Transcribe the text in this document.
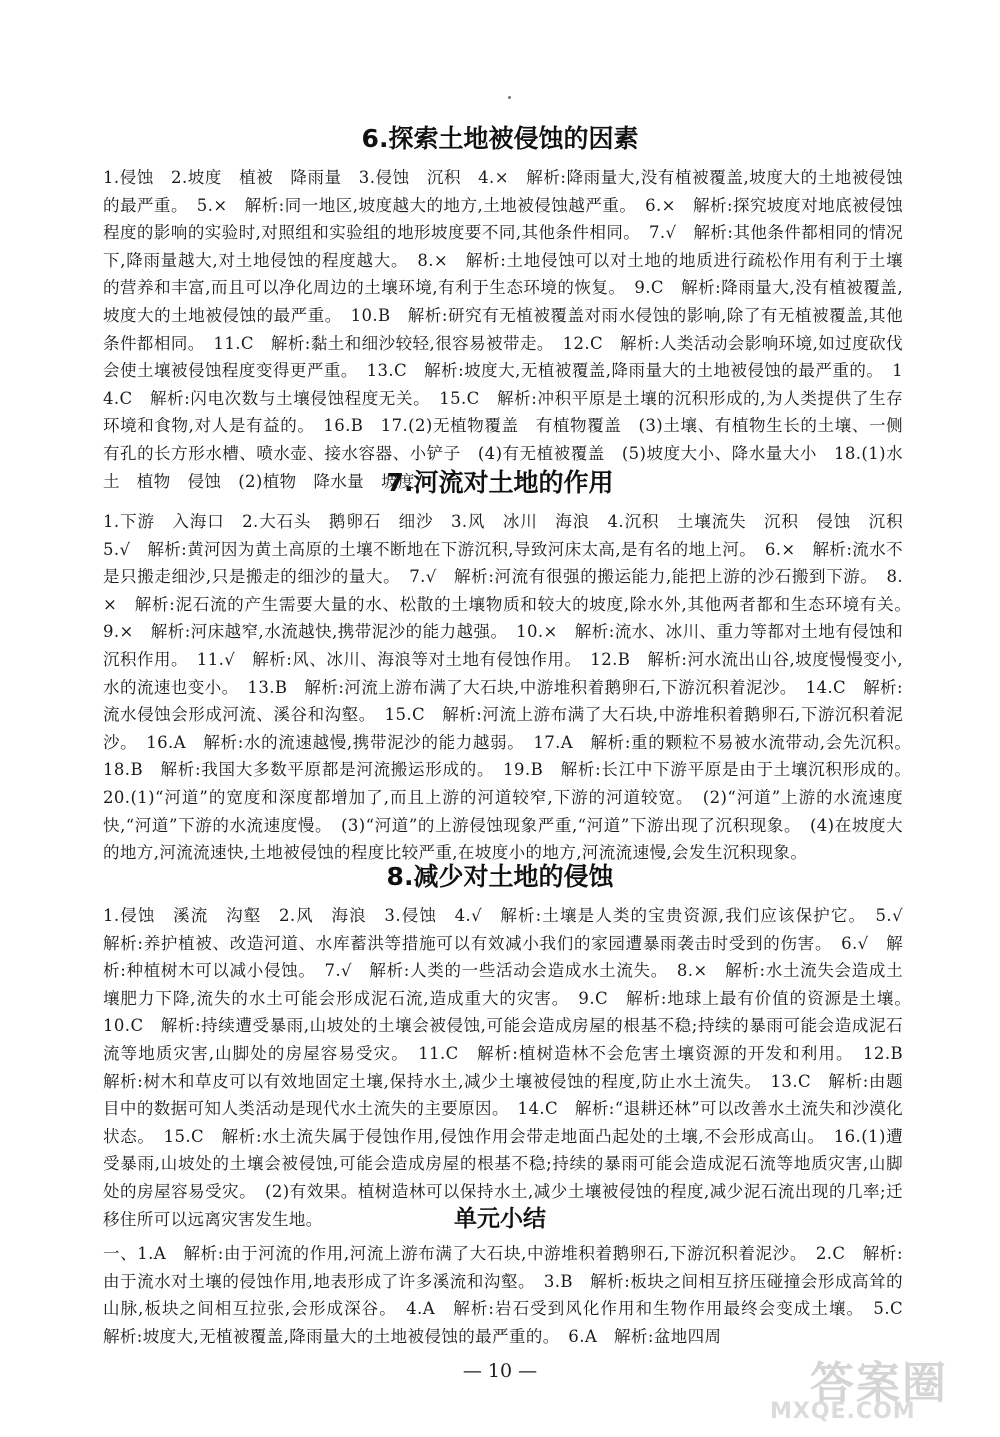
6.探索土地被侵蚀的因素

1.侵蚀　2.坡度　植被　降雨量　3.侵蚀　沉积　4.×　解析:降雨量大,没有植被覆盖,坡度大的土地被侵蚀的最严重。　5.×　解析:同一地区,坡度越大的地方,土地被侵蚀越严重。　6.×　解析:探究坡度对地底被侵蚀程度的影响的实验时,对照组和实验组的地形坡度要不同,其他条件相同。　7.√　解析:其他条件都相同的情况下,降雨量越大,对土地侵蚀的程度越大。　8.×　解析:土地侵蚀可以对土地的地质进行疏松作用有利于土壤的营养和丰富,而且可以净化周边的土壤环境,有利于生态环境的恢复。　9.C　解析:降雨量大,没有植被覆盖,坡度大的土地被侵蚀的最严重。　10.B　解析:研究有无植被覆盖对雨水侵蚀的影响,除了有无植被覆盖,其他条件都相同。　11.C　解析:黏土和细沙较轻,很容易被带走。　12.C　解析:人类活动会影响环境,如过度砍伐会使土壤被侵蚀程度变得更严重。　13.C　解析:坡度大,无植被覆盖,降雨量大的土地被侵蚀的最严重的。　14.C　解析:闪电次数与土壤侵蚀程度无关。　15.C　解析:冲积平原是土壤的沉积形成的,为人类提供了生存环境和食物,对人是有益的。　16.B　17.(2)无植物覆盖　有植物覆盖　(3)土壤、有植物生长的土壤、一侧有孔的长方形水槽、喷水壶、接水容器、小铲子　(4)有无植被覆盖　(5)坡度大小、降水量大小　18.(1)水土　植物　侵蚀　(2)植物　降水量　坡度

7.河流对土地的作用

1.下游　入海口　2.大石头　鹅卵石　细沙　3.风　冰川　海浪　4.沉积　土壤流失　沉积　侵蚀　沉积　5.√　解析:黄河因为黄土高原的土壤不断地在下游沉积,导致河床太高,是有名的地上河。　6.×　解析:流水不是只搬走细沙,只是搬走的细沙的量大。　7.√　解析:河流有很强的搬运能力,能把上游的沙石搬到下游。　8.×　解析:泥石流的产生需要大量的水、松散的土壤物质和较大的坡度,除水外,其他两者都和生态环境有关。　9.×　解析:河床越窄,水流越快,携带泥沙的能力越强。　10.×　解析:流水、冰川、重力等都对土地有侵蚀和沉积作用。　11.√　解析:风、冰川、海浪等对土地有侵蚀作用。　12.B　解析:河水流出山谷,坡度慢慢变小,水的流速也变小。　13.B　解析:河流上游布满了大石块,中游堆积着鹅卵石,下游沉积着泥沙。　14.C　解析:流水侵蚀会形成河流、溪谷和沟壑。　15.C　解析:河流上游布满了大石块,中游堆积着鹅卵石,下游沉积着泥沙。　16.A　解析:水的流速越慢,携带泥沙的能力越弱。　17.A　解析:重的颗粒不易被水流带动,会先沉积。　18.B　解析:我国大多数平原都是河流搬运形成的。　19.B　解析:长江中下游平原是由于土壤沉积形成的。　20.(1)“河道”的宽度和深度都增加了,而且上游的河道较窄,下游的河道较宽。　(2)“河道”上游的水流速度快,“河道”下游的水流速度慢。　(3)“河道”的上游侵蚀现象严重,“河道”下游出现了沉积现象。　(4)在坡度大的地方,河流流速快,土地被侵蚀的程度比较严重,在坡度小的地方,河流流速慢,会发生沉积现象。

8.减少对土地的侵蚀

1.侵蚀　溪流　沟壑　2.风　海浪　3.侵蚀　4.√　解析:土壤是人类的宝贵资源,我们应该保护它。　5.√　解析:养护植被、改造河道、水库蓄洪等措施可以有效减小我们的家园遭暴雨袭击时受到的伤害。　6.√　解析:种植树木可以减小侵蚀。　7.√　解析:人类的一些活动会造成水土流失。　8.×　解析:水土流失会造成土壤肥力下降,流失的水土可能会形成泥石流,造成重大的灾害。　9.C　解析:地球上最有价值的资源是土壤。　10.C　解析:持续遭受暴雨,山坡处的土壤会被侵蚀,可能会造成房屋的根基不稳;持续的暴雨可能会造成泥石流等地质灾害,山脚处的房屋容易受灾。　11.C　解析:植树造林不会危害土壤资源的开发和利用。　12.B　解析:树木和草皮可以有效地固定土壤,保持水土,减少土壤被侵蚀的程度,防止水土流失。　13.C　解析:由题目中的数据可知人类活动是现代水土流失的主要原因。　14.C　解析:“退耕还林”可以改善水土流失和沙漠化状态。　15.C　解析:水土流失属于侵蚀作用,侵蚀作用会带走地面凸起处的土壤,不会形成高山。　16.(1)遭受暴雨,山坡处的土壤会被侵蚀,可能会造成房屋的根基不稳;持续的暴雨可能会造成泥石流等地质灾害,山脚处的房屋容易受灾。　(2)有效果。植树造林可以保持水土,减少土壤被侵蚀的程度,减少泥石流出现的几率;迁移住所可以远离灾害发生地。	单元小结

一、1.A　解析:由于河流的作用,河流上游布满了大石块,中游堆积着鹅卵石,下游沉积着泥沙。　2.C　解析:由于流水对土壤的侵蚀作用,地表形成了许多溪流和沟壑。　3.B　解析:板块之间相互挤压碰撞会形成高耸的山脉,板块之间相互拉张,会形成深谷。　4.A　解析:岩石受到风化作用和生物作用最终会变成土壤。　5.C　解析:坡度大,无植被覆盖,降雨量大的土地被侵蚀的最严重的。　6.A　解析:盆地四周

— 10 —	答案圈
MXQE.COM
